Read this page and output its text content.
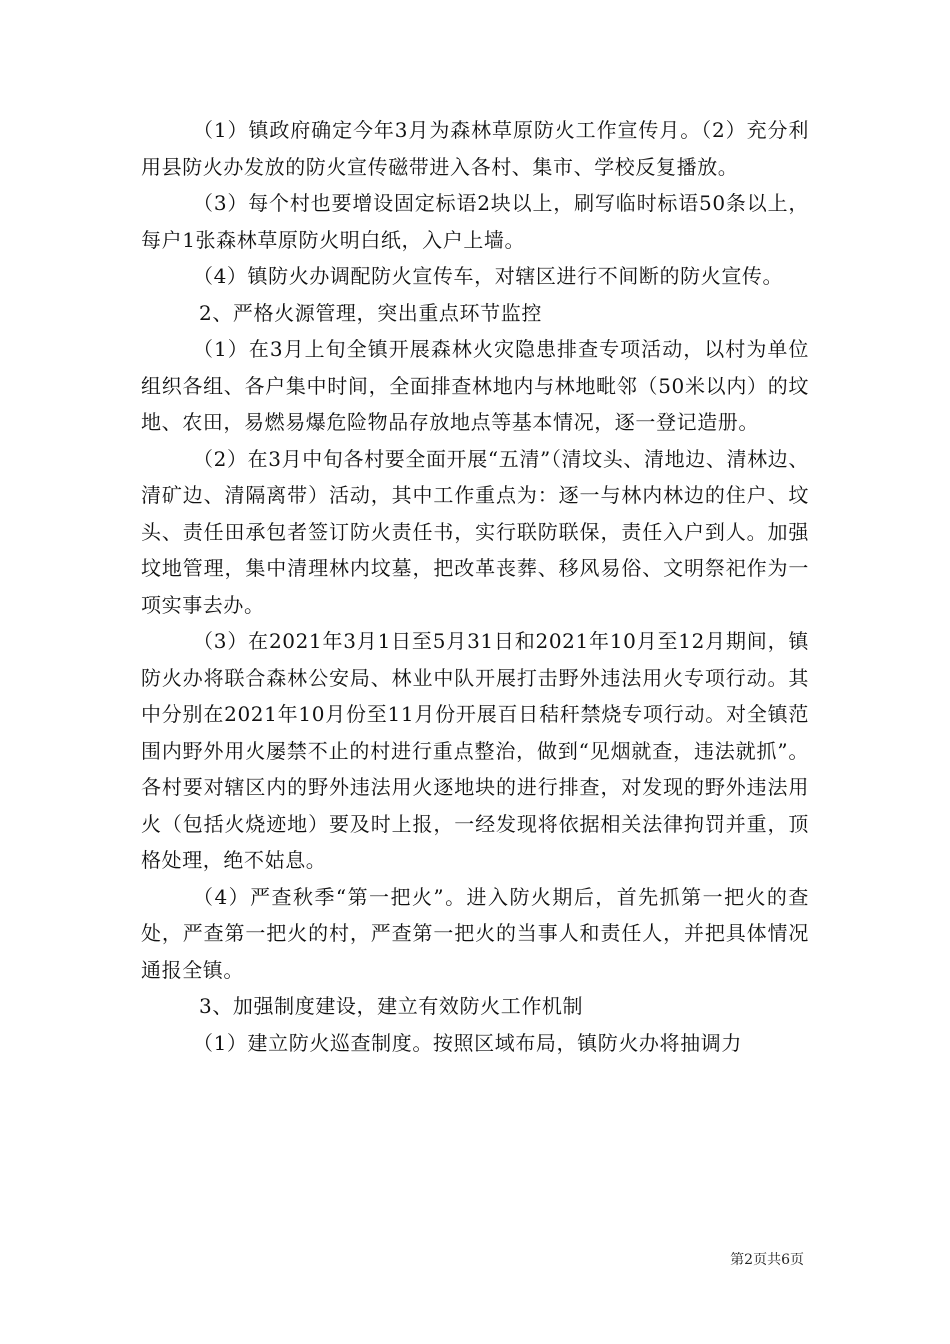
（1）镇政府确定今年3月为森林草原防火工作宣传月。（2）充分利用县防火办发放的防火宣传磁带进入各村、集市、学校反复播放。

（3）每个村也要增设固定标语2块以上，刷写临时标语50条以上，每户1张森林草原防火明白纸，入户上墙。

（4）镇防火办调配防火宣传车，对辖区进行不间断的防火宣传。

2、严格火源管理，突出重点环节监控

（1）在3月上旬全镇开展森林火灾隐患排查专项活动，以村为单位组织各组、各户集中时间，全面排查林地内与林地毗邻（50米以内）的坟地、农田，易燃易爆危险物品存放地点等基本情况，逐一登记造册。

（2）在3月中旬各村要全面开展“五清”（清坟头、清地边、清林边、清矿边、清隔离带）活动，其中工作重点为：逐一与林内林边的住户、坟头、责任田承包者签订防火责任书，实行联防联保，责任入户到人。加强坟地管理，集中清理林内坟墓，把改革丧葬、移风易俗、文明祭祀作为一项实事去办。

（3）在2021年3月1日至5月31日和2021年10月至12月期间，镇防火办将联合森林公安局、林业中队开展打击野外违法用火专项行动。其中分别在2021年10月份至11月份开展百日秸秆禁烧专项行动。对全镇范围内野外用火屡禁不止的村进行重点整治，做到“见烟就查，违法就抓”。各村要对辖区内的野外违法用火逐地块的进行排查，对发现的野外违法用火（包括火烧迹地）要及时上报，一经发现将依据相关法律拘罚并重，顶格处理，绝不姑息。

（4）严查秋季“第一把火”。进入防火期后，首先抓第一把火的查处，严查第一把火的村，严查第一把火的当事人和责任人，并把具体情况通报全镇。

3、加强制度建设，建立有效防火工作机制

（1）建立防火巡查制度。按照区域布局，镇防火办将抽调力

第2页共6页
